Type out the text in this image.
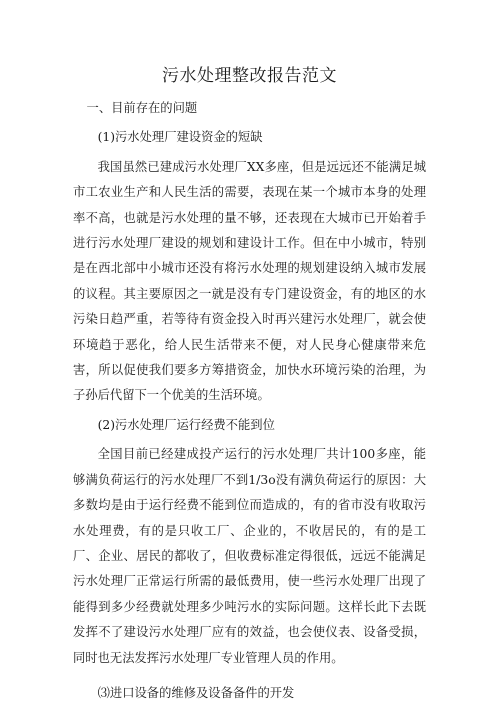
污水处理整改报告范文

一、目前存在的问题

(1)污水处理厂建设资金的短缺

我国虽然已建成污水处理厂XX多座，但是远远还不能满足城市工农业生产和人民生活的需要，表现在某一个城市本身的处理率不高，也就是污水处理的量不够，还表现在大城市已开始着手进行污水处理厂建设的规划和建设计工作。但在中小城市，特别是在西北部中小城市还没有将污水处理的规划建设纳入城市发展的议程。其主要原因之一就是没有专门建设资金，有的地区的水污染日趋严重，若等待有资金投入时再兴建污水处理厂，就会使环境趋于恶化，给人民生活带来不便，对人民身心健康带来危害，所以促使我们要多方筹措资金，加快水环境污染的治理，为子孙后代留下一个优美的生活环境。

(2)污水处理厂运行经费不能到位

全国目前已经建成投产运行的污水处理厂共计100多座，能够满负荷运行的污水处理厂不到1/3o没有满负荷运行的原因：大多数均是由于运行经费不能到位而造成的，有的省市没有收取污水处理费，有的是只收工厂、企业的，不收居民的，有的是工厂、企业、居民的都收了，但收费标准定得很低，远远不能满足污水处理厂正常运行所需的最低费用，使一些污水处理厂出现了能得到多少经费就处理多少吨污水的实际问题。这样长此下去既发挥不了建设污水处理厂应有的效益，也会使仪表、设备受损，同时也无法发挥污水处理厂专业管理人员的作用。

⑶进口设备的维修及设备备件的开发
